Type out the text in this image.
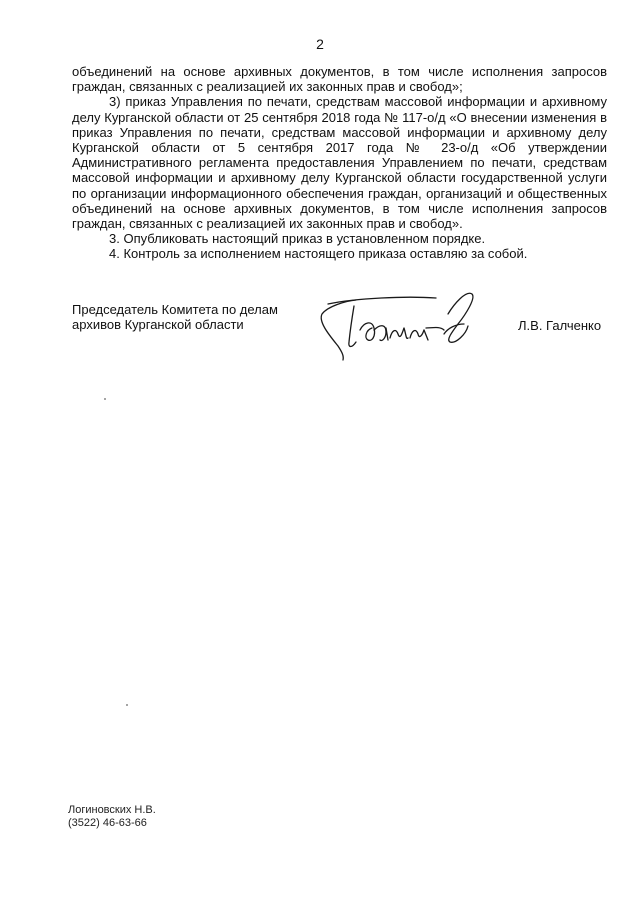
2

объединений на основе архивных документов, в том числе исполнения запросов граждан, связанных с реализацией их законных прав и свобод»;

3) приказ Управления по печати, средствам массовой информации и архивному делу Курганской области от 25 сентября 2018 года № 117-о/д «О внесении изменения в приказ Управления по печати, средствам массовой информации и архивному делу Курганской области от 5 сентября 2017 года № 23-о/д «Об утверждении Административного регламента предоставления Управлением по печати, средствам массовой информации и архивному делу Курганской области государственной услуги по организации информационного обеспечения граждан, организаций и общественных объединений на основе архивных документов, в том числе исполнения запросов граждан, связанных с реализацией их законных прав и свобод».

3. Опубликовать настоящий приказ в установленном порядке.

4. Контроль за исполнением настоящего приказа оставляю за собой.

Председатель Комитета по делам
архивов Курганской области	Л.В. Галченко
Логиновских Н.В.
(3522) 46-63-66
